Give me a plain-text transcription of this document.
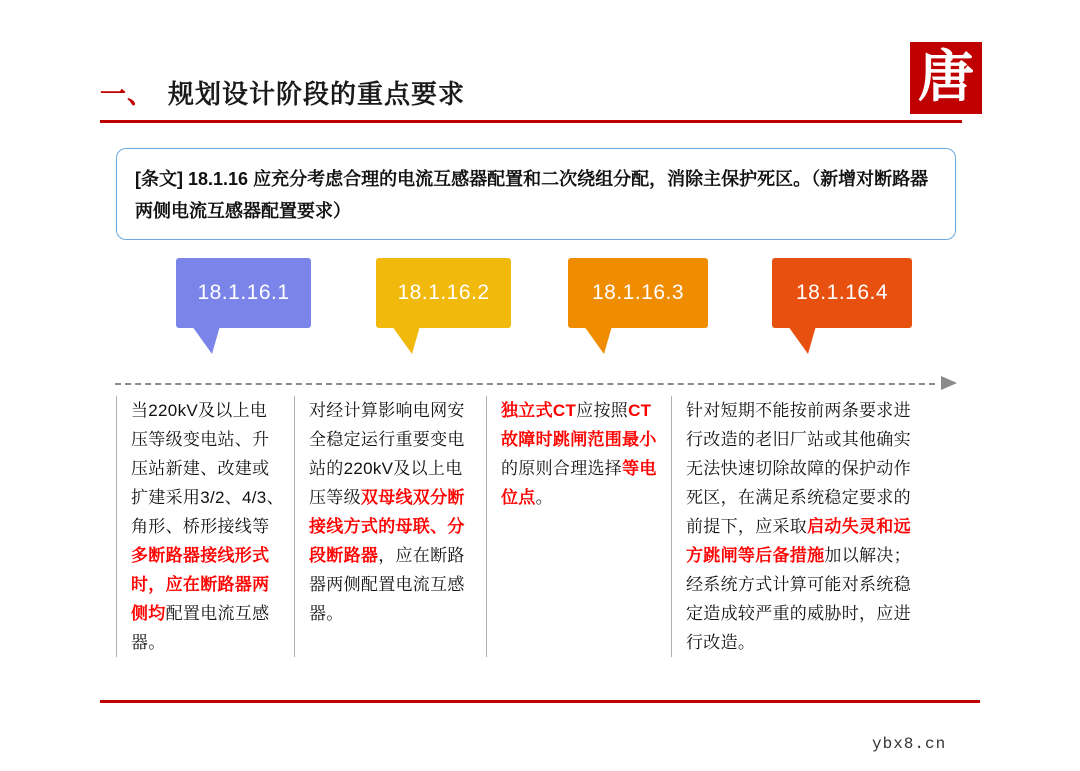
唐
一、 规划设计阶段的重点要求
[条文] 18.1.16 应充分考虑合理的电流互感器配置和二次绕组分配，消除主保护死区。（新增对断路器两侧电流互感器配置要求）
18.1.16.1	18.1.16.2	18.1.16.3	18.1.16.4
当220kV及以上电压等级变电站、升压站新建、改建或扩建采用3/2、4/3、角形、桥形接线等多断路器接线形式时，应在断路器两侧均配置电流互感器。
对经计算影响电网安全稳定运行重要变电站的220kV及以上电压等级双母线双分断接线方式的母联、分段断路器，应在断路器两侧配置电流互感器。
独立式CT应按照CT故障时跳闸范围最小的原则合理选择等电位点。
针对短期不能按前两条要求进行改造的老旧厂站或其他确实无法快速切除故障的保护动作死区，在满足系统稳定要求的前提下，应采取启动失灵和远方跳闸等后备措施加以解决；经系统方式计算可能对系统稳定造成较严重的威胁时，应进行改造。
ybx8.cn
